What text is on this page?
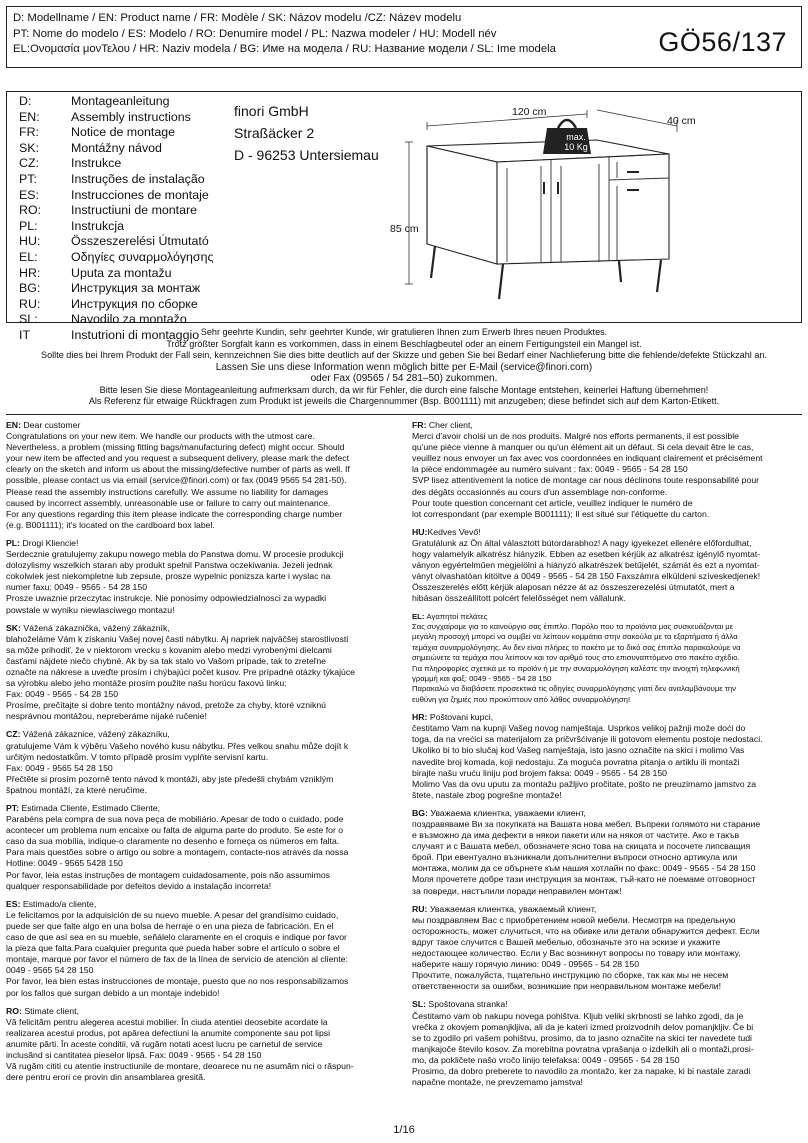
D: Modellname / EN: Product name / FR: Modèle / SK: Názov modelu /CZ: Název modelu
PT: Nome do modelo / ES: Modelo / RO: Denumire model / PL: Nazwa modeler / HU: Modell név
EL:Ονομασία μονΤελου / HR: Naziv modela / BG: Име на модела / RU: Название модели / SL: Ime modela	GÖ56/137
D:	Montageanleitung
EN:	Assembly instructions
FR:	Notice de montage
SK:	Montážny návod
CZ:	Instrukce
PT:	Instruções de instalação
ES:	Instrucciones de montaje
RO:	Instructiuni de montare
PL:	Instrukcja
HU:	Összeszerelési Útmutató
EL:	Οδηγίες συναρμολόγησης
HR:	Uputa za montažu
BG:	Инструкция за монтаж
RU:	Инструкция по сборке
SL:	Navodilo za montažo
IT	Instutrioni di montaggio
finori GmbH
Straßäcker 2
D - 96253 Untersiemau
120 cm
40 cm
85 cm
max.
10 Kg
Sehr geehrte Kundin, sehr geehrter Kunde, wir gratulieren Ihnen zum Erwerb Ihres neuen Produktes.
Trotz größter Sorgfalt kann es vorkommen, dass in einem Beschlagbeutel oder an einem Fertigungsteil ein Mangel ist.
Sollte dies bei Ihrem Produkt der Fall sein, kennzeichnen Sie dies bitte deutlich auf der Skizze und geben Sie bei Bedarf einer Nachlieferung bitte die fehlende/defekte Stückzahl an.
Lassen Sie uns diese Information wenn möglich bitte per E-Mail (service@finori.com)
oder Fax (09565 / 54 281–50) zukommen.
Bitte lesen Sie diese Montageanleitung aufmerksam durch, da wir für Fehler, die durch eine falsche Montage entstehen, keinerlei Haftung übernehmen!
Als Referenz für etwaige Rückfragen zum Produkt ist jeweils die Chargennummer (Bsp. B001111) mit anzugeben; diese befindet sich auf dem Karton-Etikett.
EN: Dear customer

Congratulations on your new item. We handle our products with the utmost care.
Nevertheless, a problem (missing fitting bags/manufacturing defect) might occur. Should
your new item be affected and you request a subsequent delivery, please mark the defect
clearly on the sketch and inform us about the missing/defective number of parts as well. If
possible, please contact us via email (service@finori.com) or fax (0049 9565 54 281-50).
Please read the assembly instructions carefully. We assume no liability for damages
caused by incorrect assembly, unreasonable use or failure to carry out maintenance.
For any questions regarding this item please indicate the corresponding charge number
(e.g. B001111); it's located on the cardboard box label.

PL: Drogi Kliencie!

Serdecznie gratulujemy zakupu nowego mebla do Panstwa domu. W procesie produkcji
dolozylismy wszelkich staran aby produkt spelnil Panstwa oczekiwania. Jezeli jednak
cokolwiek jest niekompletne lub zepsute, prosze wypelnic ponizsza karte i wyslac na
numer faxu: 0049 - 9565 - 54 28 150
Prosze uwaznie przeczytac instrukcje. Nie ponosimy odpowiedzialnosci za wypadki
powstale w wyniku niewlasciwego montazu!

SK: Vážená zákaznička, vážený zákazník,

blahoželáme Vám k získaniu Vašej novej časti nábytku. Aj napriek najväčšej starostlivosti
sa môže prihodiť, že v niektorom vrecku s kovanim alebo medzi vyrobenými dielcami
časťami nájdete niečo chybné. Ak by sa tak stalo vo Vašom prípade, tak to zreteľne
označte na nákrese a uveďte prosím i chýbajúci počet kusov. Pre prípadné otázky týkajúce
sa výrobku alebo jeho montáže prosím použite našu horúcu faxovú linku:
Fax: 0049 - 9565 - 54 28 150
Prosíme, prečítajte si dobre tento montážny návod, pretože za chyby, ktoré vzniknú
nesprávnou montážou, nepreberáme nijaké ručenie!

CZ: Vážená zákaznice, vážený zákazníku,

gratulujeme Vám k výběru Vašeho nového kusu nábytku. Přes velkou snahu může dojít k
určitým nedostatkům. V tomto případě prosím vyplňte servisní kartu.
Fax: 0049 - 9565 54 28 150
Přečtěte si prosím pozorně tento návod k montáži, aby jste předešli chybám vzniklým
špatnou montáží, za které neručíme.

PT: Estimada Cliente, Estimado Cliente,

Parabéns pela compra de sua nova peça de mobiliário. Apesar de todo o cuidado, pode
acontecer um problema num encaixe ou falta de alguma parte do produto. Se este for o
caso da sua mobília, indique-o claramente no desenho e forneça os números em falta.
Para mais questões sobre o artigo ou sobre a montagem, contacte-nos através da nossa
Hotline: 0049 - 9565 5428 150
Por favor, leia estas instruções de montagem cuidadosamente, pois não assumimos
qualquer responsabilidade por defeitos devido a instalação incorreta!

ES: Estimado/a cliente,

Le felicitamos por la adquisición de su nuevo mueble. A pesar del grandísimo cuidado,
puede ser que falte algo en una bolsa de herraje o en una pieza de fabricación. En el
caso de que así sea en su mueble, señálelo claramente en el croquis e indique por favor
la pieza que falta.Para cualquier pregunta que pueda haber sobre el artículo o sobre el
montaje, marque por favor el número de fax de la línea de servicio de atención al cliente:
0049 - 9565 54 28 150
Por favor, lea bien estas instrucciones de montaje, puesto que no nos responsabilizamos
por los fallos que surgan debido a un montaje indebido!

RO: Stimate client,

Vă felicităm pentru alegerea acestui mobilier. În ciuda atentiei deosebite acordate la
realizarea acestui produs, pot apărea defectiuni la anumite componente sau pot lipsi
anumite părti. În aceste conditii, vă rugăm notati acest lucru pe carnetul de service
inclusănd si cantitatea pieselor lipsă. Fax: 0049 - 9565 - 54 28 150
Vă rugăm cititi cu atentie instructiunile de montare, deoarece nu ne asumăm nici o răspun-
dere pentru erori ce provin din ansamblarea gresită.

FR: Cher client,

Merci d'avoir choisi un de nos produits. Malgré nos efforts permanents, il est possible
qu'une pièce vienne à manquer ou qu'un élément ait un défaut. Si cela devait être le cas,
veuillez nous envoyer un fax avec vos coordonnées en indiquant clairement et précisément
la pièce endommagée au numéro suivant : fax: 0049 - 9565 - 54 28 150
SVP lisez attentivement la notice de montage car nous déclinons toute responsabilité pour
des dégâts occasionnés au cours d'un assemblage non-conforme.
Pour toute question concernant cet article, veuillez indiquer le numéro de
lot correspondant (par exemple B001111); Il est situé sur l'étiquette du carton.

HU:Kedves Vevő!

Gratulálunk az Ön által választott bútordarabhoz! A nagy igyekezet ellenére előfordulhat,
hogy valamelyik alkatrész hiányzik. Ebben az esetben kérjük az alkatrész igénylő nyomtat-
ványon egyértelműen megjelölni a hiányzó alkatrészek betűjelét, számát és ezt a nyomtat-
ványt olvashatóan kitöltve a 0049 - 9565 - 54 28 150 Faxszámra elküldeni szíveskedjenek!
Összeszerelés előtt kérjük alaposan nézze át az összeszerezelési útmutatót, mert a
hibásan összeállított polcért felelősséget nem vállalunk.

EL: Αγαπητοί πελάτες

Σας συγχαίρομε για το καινούργιο σας έπιπλο. Παρόλο που τα προϊόντα μας συσκευάζονται με
μεγάλη προσοχή μπορεί να συμβεί να λείπουν κομμάτια στην σακούλα με τα εξαρτήματα ή άλλα
τεμάχια συναρμολόγησης. Αν δεν είναι πλήρες το πακέτο με το δικό σας έπιπλο παρακαλούμε να
σημειώνετε τα τεμάχια που λείπουν και τον αριθμό τους στο επισυναπτόμενο στο πακέτο σχέδιο.
Για πληροφορίες σχετικά με το προϊόν ή με την συναρμολόγηση καλέστε την ανοιχτή τηλεφωνική
γραμμή και φαξ: 0049 - 9565 - 54 28 150
Παρακαλώ να διαβάσετε προσεκτικά τις οδηγίες συναρμολόγησης γιατί δεν αναλαμβάνουμε την
ευθύνη για ζημιές που προκύπτουν από λάθος συναρμολόγηση!

HR: Poštovani kupci,

čestitamo Vam na kupnji Vašeg novog namještaja. Usprkos velikoj pažnji može doći do
toga, da na vrećici sa materijalom za pričvršćivanje ili gotovom elementu postoje nedostaci.
Ukoliko bi to bio slučaj kod Vašeg namještaja, isto jasno označite na skici i molimo Vas
navedite broj komada, koji nedostaju. Za moguća povratna pitanja o artiklu ili montaži
birajte našu vruću liniju pod brojem faksa: 0049 - 9565 - 54 28 150
Molimo Vas da ovu uputu za montažu pažljivo pročitate, pošto ne preuzimamo jamstvo za
štete, nastale zbog pogrešne montaže!

BG: Уважаема клиентка, уважаеми клиент,

поздравяваме Ви за покупката на Вашата нова мебел. Въпреки голямото ни старание
е възможно да има дефекти в някои пакети или на някоя от частите. Ако е такъв
случаят и с Вашата мебел, обозначете ясно това на скицата и посочете липсващия
брой. При евентуално възникнали допълнителни въпроси относно артикула или
монтажа, молим да се обърнете към нашия хотлайн по факс: 0049 - 9565 - 54 28 150
Моля прочетете добре тази инструкция за монтаж, тъй-като не поемаме отговорност
за повреди, настъпили поради неправилен монтаж!

RU: Уважаемая клиентка, уважаемый клиент,

мы поздравляем Вас с приобретением новой мебели. Несмотря на предельную
осторожность, может случиться, что на обивке или детали обнаружится дефект. Если
вдруг такое случится с Вашей мебелью, обозначьте это на эскизе и укажите
недостающее количество. Если у Вас возникнут вопросы по товару или монтажу,
наберите нашу горячую линию: 0049 - 09565 - 54 28 150
Прочтите, пожалуйста, тщательно инструкцию по сборке, так как мы не несем
ответственности за ошибки, возникшие при неправильном монтаже мебели!

SL: Spoštovana stranka!

Čestitamo vam ob nakupu novega pohištva. Kljub veliki skrbnosti se lahko zgodi, da je
vrečka z okovjem pomanjkljiva, ali da je kateri izmed proizvodnih delov pomanjkljiv. Če bi
se to zgodilo pri vašem pohištvu, prosimo, da to jasno označite na skici ter navedete tudi
manjkajoče število kosov. Za morebitna povratna vprašanja o izdelkih ali o montaži,prosi-
mo, da pokličete našo vročo linijo telefaksa: 0049 - 09565 - 54 28 150
Prosimo, da dobro preberete to navodilo za montažo, ker za napake, ki bi nastale zaradi
napačne montaže, ne prevzemamo jamstva!

1/16
